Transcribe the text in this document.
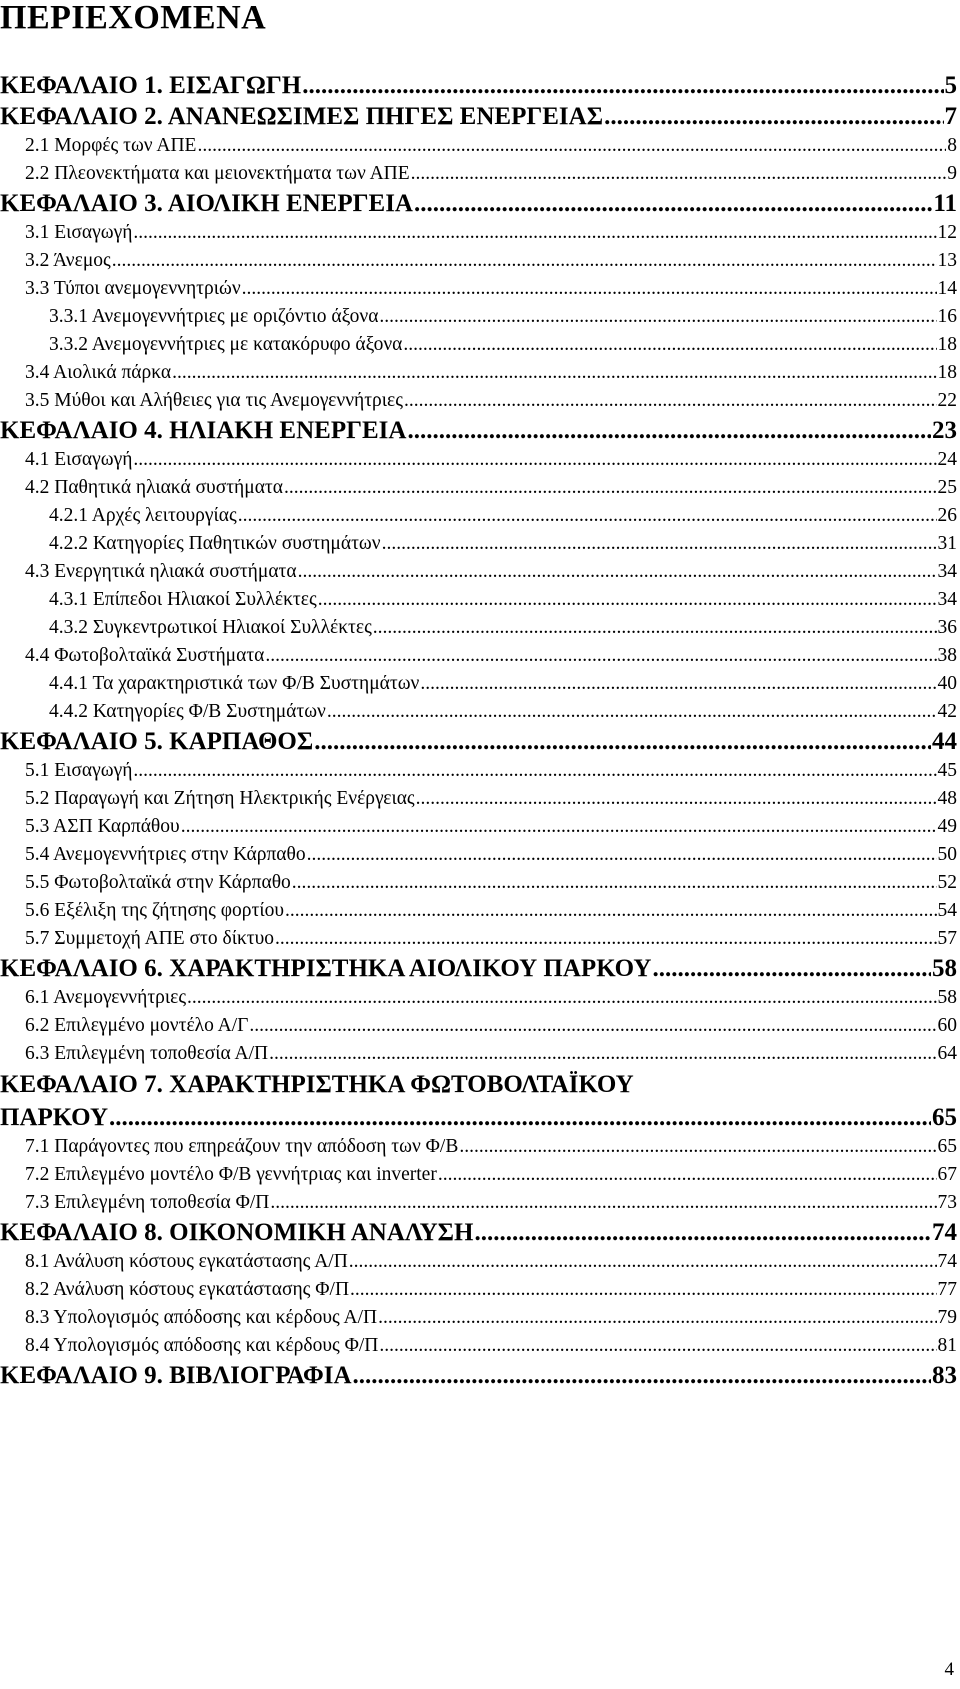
ΠΕΡΙΕΧΟΜΕΝΑ
ΚΕΦΑΛΑΙΟ 1. ΕΙΣΑΓΩΓΗ .....	5
ΚΕΦΑΛΑΙΟ 2. ΑΝΑΝΕΩΣΙΜΕΣ ΠΗΓΕΣ ΕΝΕΡΓΕΙΑΣ .....	7
2.1 Μορφές των ΑΠΕ .....	8
2.2 Πλεονεκτήματα και μειονεκτήματα των ΑΠΕ .....	9
ΚΕΦΑΛΑΙΟ 3. ΑΙΟΛΙΚΗ ΕΝΕΡΓΕΙΑ .....	11
3.1 Εισαγωγή .....	12
3.2 Άνεμος .....	13
3.3 Τύποι ανεμογεννητριών .....	14
3.3.1 Ανεμογεννήτριες με οριζόντιο άξονα .....	16
3.3.2 Ανεμογεννήτριες με κατακόρυφο άξονα .....	18
3.4 Αιολικά πάρκα .....	18
3.5 Μύθοι και Αλήθειες για τις Ανεμογεννήτριες .....	22
ΚΕΦΑΛΑΙΟ 4. ΗΛΙΑΚΗ ΕΝΕΡΓΕΙΑ .....	23
4.1 Εισαγωγή .....	24
4.2 Παθητικά ηλιακά συστήματα .....	25
4.2.1 Αρχές λειτουργίας .....	26
4.2.2 Κατηγορίες Παθητικών συστημάτων .....	31
4.3 Ενεργητικά ηλιακά συστήματα .....	34
4.3.1 Επίπεδοι Ηλιακοί Συλλέκτες .....	34
4.3.2 Συγκεντρωτικοί Ηλιακοί Συλλέκτες .....	36
4.4 Φωτοβολταϊκά Συστήματα .....	38
4.4.1 Τα χαρακτηριστικά των Φ/Β Συστημάτων .....	40
4.4.2 Κατηγορίες Φ/Β Συστημάτων .....	42
ΚΕΦΑΛΑΙΟ 5. ΚΑΡΠΑΘΟΣ .....	44
5.1 Εισαγωγή .....	45
5.2 Παραγωγή και Ζήτηση Ηλεκτρικής Ενέργειας .....	48
5.3 ΑΣΠ Καρπάθου .....	49
5.4 Ανεμογεννήτριες στην Κάρπαθο .....	50
5.5 Φωτοβολταϊκά στην Κάρπαθο .....	52
5.6 Εξέλιξη της ζήτησης φορτίου .....	54
5.7 Συμμετοχή ΑΠΕ στο δίκτυο .....	57
ΚΕΦΑΛΑΙΟ 6. ΧΑΡΑΚΤΗΡΙΣΤΗΚΑ ΑΙΟΛΙΚΟΥ ΠΑΡΚΟΥ .....	58
6.1 Ανεμογεννήτριες .....	58
6.2 Επιλεγμένο μοντέλο Α/Γ .....	60
6.3 Επιλεγμένη τοποθεσία Α/Π .....	64
ΚΕΦΑΛΑΙΟ 7. ΧΑΡΑΚΤΗΡΙΣΤΗΚΑ ΦΩΤΟΒΟΛΤΑΪΚΟΥ
ΠΑΡΚΟΥ .....	65
7.1 Παράγοντες που επηρεάζουν την απόδοση των Φ/Β .....	65
7.2 Επιλεγμένο μοντέλο Φ/Β γεννήτριας και inverter .....	67
7.3 Επιλεγμένη τοποθεσία Φ/Π .....	73
ΚΕΦΑΛΑΙΟ 8. ΟΙΚΟΝΟΜΙΚΗ ΑΝΑΛΥΣΗ .....	74
8.1 Ανάλυση κόστους εγκατάστασης Α/Π .....	74
8.2 Ανάλυση κόστους εγκατάστασης Φ/Π .....	77
8.3 Υπολογισμός απόδοσης και κέρδους Α/Π .....	79
8.4 Υπολογισμός απόδοσης και κέρδους Φ/Π .....	81
ΚΕΦΑΛΑΙΟ 9. ΒΙΒΛΙΟΓΡΑΦΙΑ .....	83
4
